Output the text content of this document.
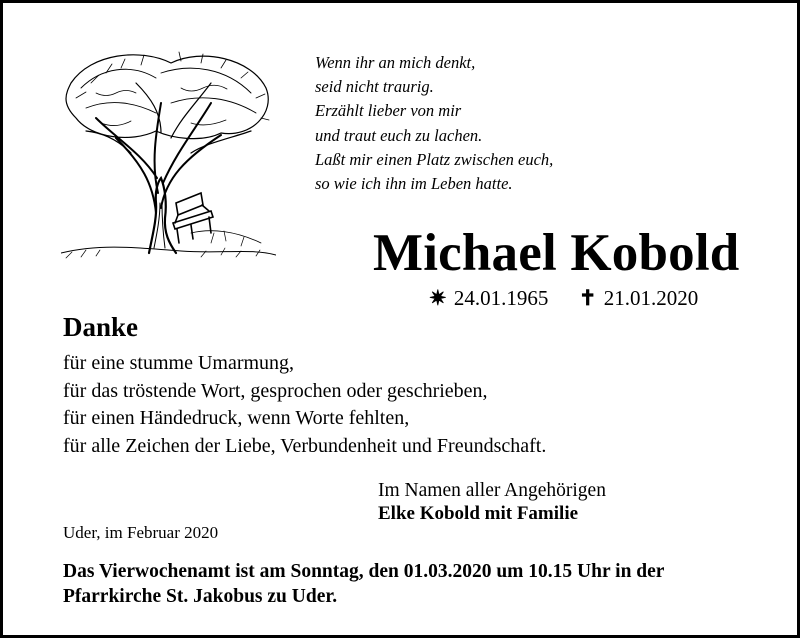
Wenn ihr an mich denkt,
seid nicht traurig.
Erzählt lieber von mir
und traut euch zu lachen.
Laßt mir einen Platz zwischen euch,
so wie ich ihn im Leben hatte.
Michael Kobold
✷ 24.01.1965 ✝ 21.01.2020
Danke
für eine stumme Umarmung,
für das tröstende Wort, gesprochen oder geschrieben,
für einen Händedruck, wenn Worte fehlten,
für alle Zeichen der Liebe, Verbundenheit und Freundschaft.
Im Namen aller Angehörigen
Elke Kobold mit Familie
Uder, im Februar 2020
Das Vierwochenamt ist am Sonntag, den 01.03.2020 um 10.15 Uhr in der
Pfarrkirche St. Jakobus zu Uder.
